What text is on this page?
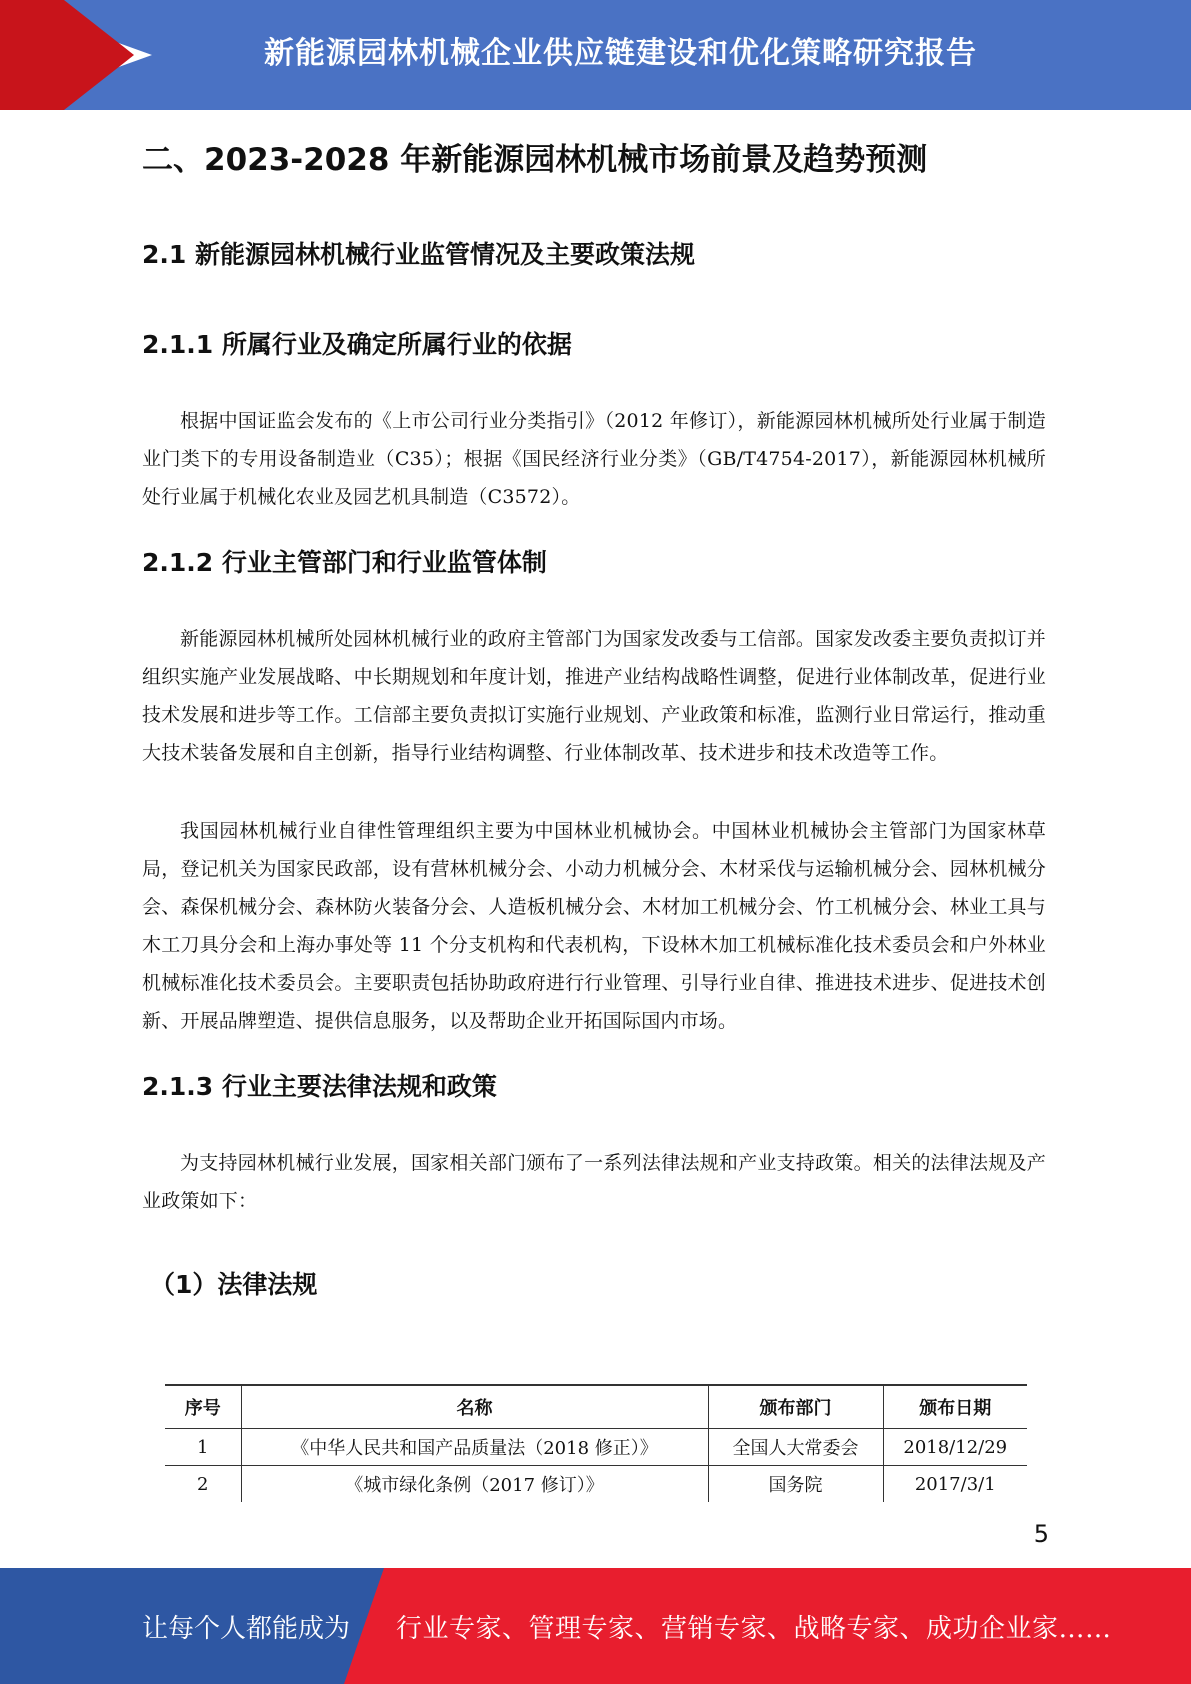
新能源园林机械企业供应链建设和优化策略研究报告
二、2023-2028 年新能源园林机械市场前景及趋势预测
2.1 新能源园林机械行业监管情况及主要政策法规
2.1.1 所属行业及确定所属行业的依据

根据中国证监会发布的《上市公司行业分类指引》（2012 年修订），新能源园林机械所处行业属于制造业门类下的专用设备制造业（C35）；根据《国民经济行业分类》（GB/T4754-2017），新能源园林机械所处行业属于机械化农业及园艺机具制造（C3572）。

2.1.2 行业主管部门和行业监管体制

新能源园林机械所处园林机械行业的政府主管部门为国家发改委与工信部。国家发改委主要负责拟订并组织实施产业发展战略、中长期规划和年度计划，推进产业结构战略性调整，促进行业体制改革，促进行业技术发展和进步等工作。工信部主要负责拟订实施行业规划、产业政策和标准，监测行业日常运行，推动重大技术装备发展和自主创新，指导行业结构调整、行业体制改革、技术进步和技术改造等工作。

我国园林机械行业自律性管理组织主要为中国林业机械协会。中国林业机械协会主管部门为国家林草局，登记机关为国家民政部，设有营林机械分会、小动力机械分会、木材采伐与运输机械分会、园林机械分会、森保机械分会、森林防火装备分会、人造板机械分会、木材加工机械分会、竹工机械分会、林业工具与木工刀具分会和上海办事处等 11 个分支机构和代表机构，下设林木加工机械标准化技术委员会和户外林业机械标准化技术委员会。主要职责包括协助政府进行行业管理、引导行业自律、推进技术进步、促进技术创新、开展品牌塑造、提供信息服务，以及帮助企业开拓国际国内市场。

2.1.3 行业主要法律法规和政策

为支持园林机械行业发展，国家相关部门颁布了一系列法律法规和产业支持政策。相关的法律法规及产业政策如下：

（1）法律法规
序号	名称	颁布部门	颁布日期
1	《中华人民共和国产品质量法（2018 修正）》	全国人大常委会	2018/12/29
2	《城市绿化条例（2017 修订）》	国务院	2017/3/1
5
让每个人都能成为 行业专家、管理专家、营销专家、战略专家、成功企业家……
